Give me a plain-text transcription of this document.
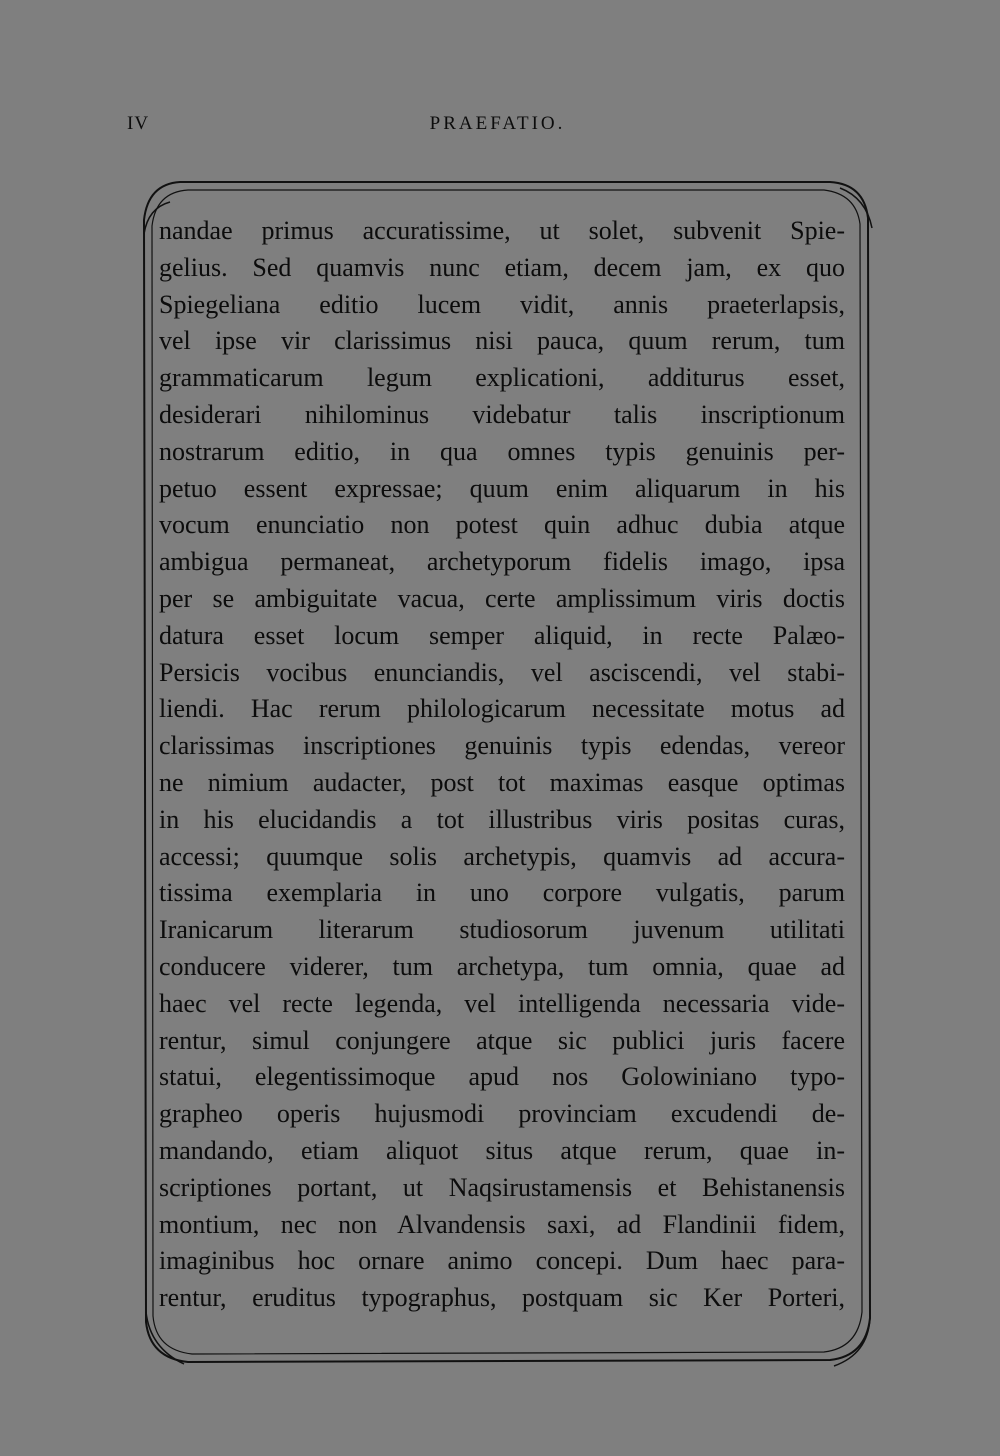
IV	PRAEFATIO.
nandae primus accuratissime, ut solet, subvenit Spie-
gelius. Sed quamvis nunc etiam, decem jam, ex quo
Spiegeliana editio lucem vidit, annis praeterlapsis,
vel ipse vir clarissimus nisi pauca, quum rerum, tum
grammaticarum legum explicationi, additurus esset,
desiderari nihilominus videbatur talis inscriptionum
nostrarum editio, in qua omnes typis genuinis per-
petuo essent expressae; quum enim aliquarum in his
vocum enunciatio non potest quin adhuc dubia atque
ambigua permaneat, archetyporum fidelis imago, ipsa
per se ambiguitate vacua, certe amplissimum viris doctis
datura esset locum semper aliquid, in recte Palæo-
Persicis vocibus enunciandis, vel asciscendi, vel stabi-
liendi. Hac rerum philologicarum necessitate motus ad
clarissimas inscriptiones genuinis typis edendas, vereor
ne nimium audacter, post tot maximas easque optimas
in his elucidandis a tot illustribus viris positas curas,
accessi; quumque solis archetypis, quamvis ad accura-
tissima exemplaria in uno corpore vulgatis, parum
Iranicarum literarum studiosorum juvenum utilitati
conducere viderer, tum archetypa, tum omnia, quae ad
haec vel recte legenda, vel intelligenda necessaria vide-
rentur, simul conjungere atque sic publici juris facere
statui, elegentissimoque apud nos Golowiniano typo-
grapheo operis hujusmodi provinciam excudendi de-
mandando, etiam aliquot situs atque rerum, quae in-
scriptiones portant, ut Naqsirustamensis et Behistanensis
montium, nec non Alvandensis saxi, ad Flandinii fidem,
imaginibus hoc ornare animo concepi. Dum haec para-
rentur, eruditus typographus, postquam sic Ker Porteri,
